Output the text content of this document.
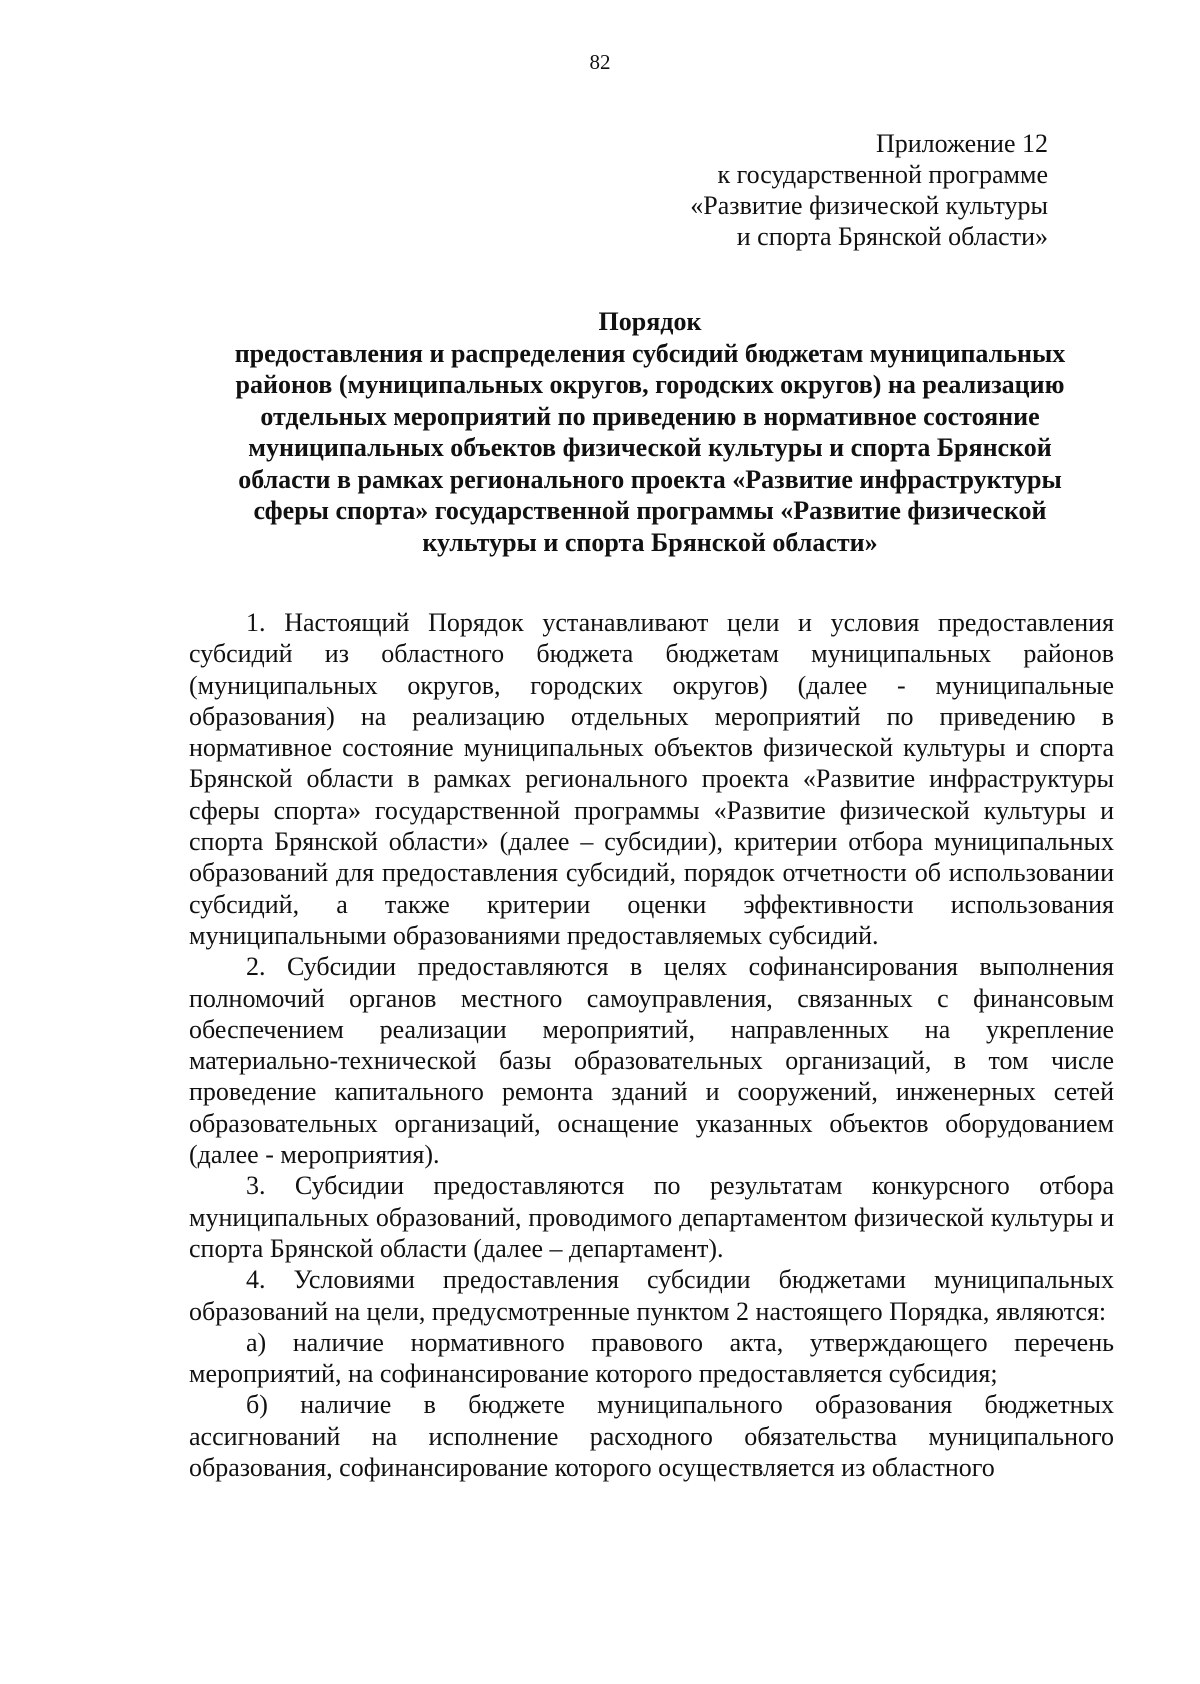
82
Приложение 12
к государственной программе
«Развитие физической культуры
и спорта Брянской области»
Порядок
предоставления и распределения субсидий бюджетам муниципальных
районов (муниципальных округов, городских округов) на реализацию
отдельных мероприятий по приведению в нормативное состояние
муниципальных объектов физической культуры и спорта Брянской
области в рамках регионального проекта «Развитие инфраструктуры
сферы спорта» государственной программы «Развитие физической
культуры и спорта Брянской области»

1. Настоящий Порядок устанавливают цели и условия предоставления субсидий из областного бюджета бюджетам муниципальных районов (муниципальных округов, городских округов) (далее - муниципальные образования) на реализацию отдельных мероприятий по приведению в нормативное состояние муниципальных объектов физической культуры и спорта Брянской области в рамках регионального проекта «Развитие инфраструктуры сферы спорта» государственной программы «Развитие физической культуры и спорта Брянской области» (далее – субсидии), критерии отбора муниципальных образований для предоставления субсидий, порядок отчетности об использовании субсидий, а также критерии оценки эффективности использования муниципальными образованиями предоставляемых субсидий.

2. Субсидии предоставляются в целях софинансирования выполнения полномочий органов местного самоуправления, связанных с финансовым обеспечением реализации мероприятий, направленных на укрепление материально-технической базы образовательных организаций, в том числе проведение капитального ремонта зданий и сооружений, инженерных сетей образовательных организаций, оснащение указанных объектов оборудованием (далее - мероприятия).

3. Субсидии предоставляются по результатам конкурсного отбора муниципальных образований, проводимого департаментом физической культуры и спорта Брянской области (далее – департамент).

4. Условиями предоставления субсидии бюджетами муниципальных образований на цели, предусмотренные пунктом 2 настоящего Порядка, являются:

а) наличие нормативного правового акта, утверждающего перечень мероприятий, на софинансирование которого предоставляется субсидия;

б) наличие в бюджете муниципального образования бюджетных ассигнований на исполнение расходного обязательства муниципального образования, софинансирование которого осуществляется из областного
